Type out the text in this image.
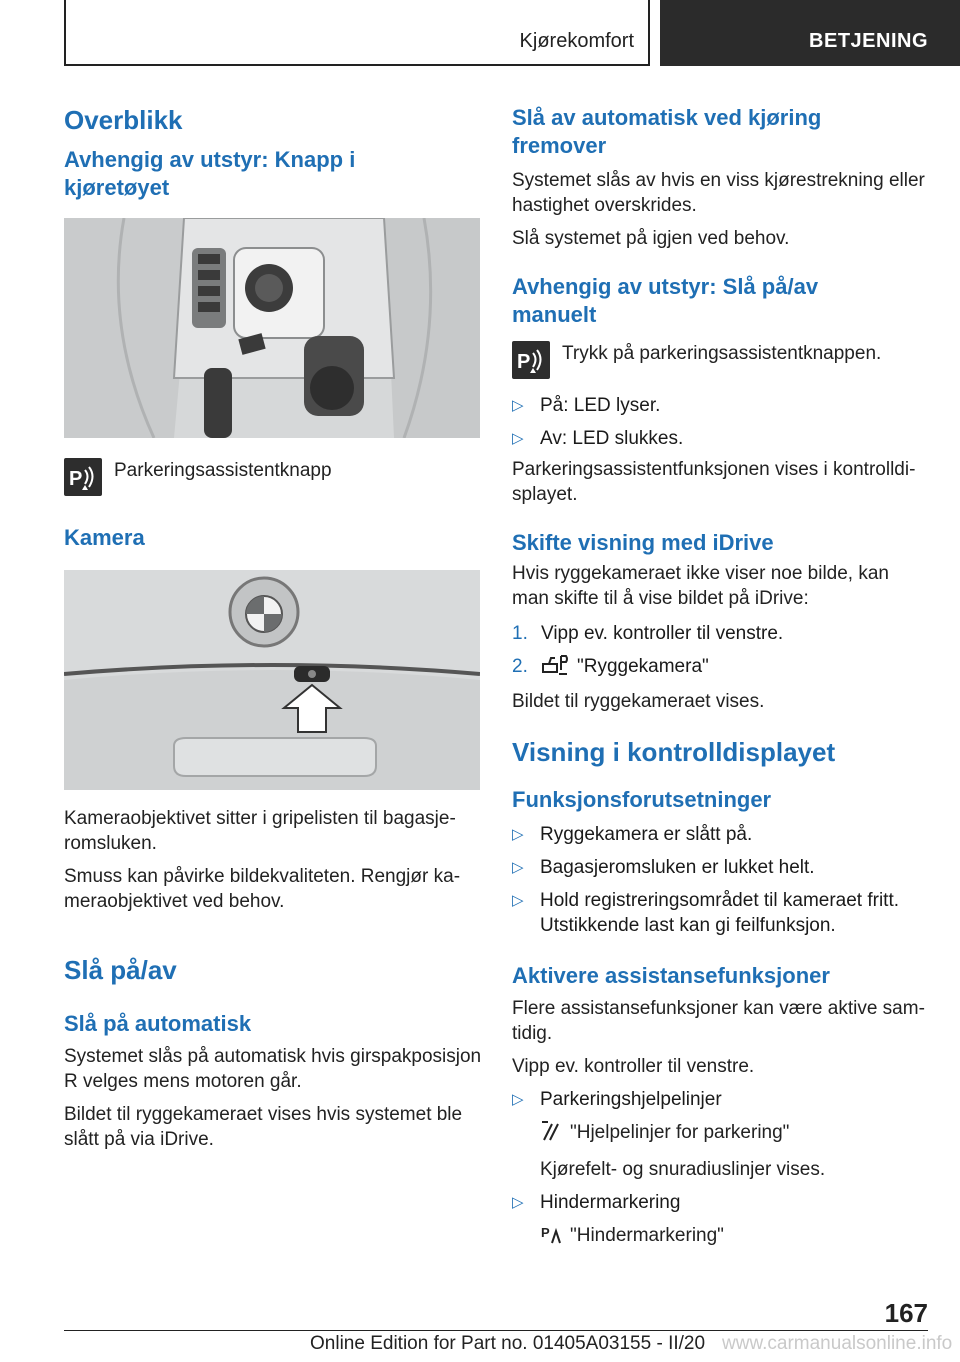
Kjørekomfort	BETJENING
Overblikk
Avhengig av utstyr: Knapp i kjøretøyet
P Parkeringsassistentknapp
Kamera
Kameraobjektivet sitter i gripelisten til bagasjeromsluken.
Smuss kan påvirke bildekvaliteten. Rengjør kameraobjektivet ved behov.
Slå på/av
Slå på automatisk
Systemet slås på automatisk hvis girspakposisjon R velges mens motoren går.
Bildet til ryggekameraet vises hvis systemet ble slått på via iDrive.
Slå av automatisk ved kjøring fremover
Systemet slås av hvis en viss kjørestrekning eller hastighet overskrides.
Slå systemet på igjen ved behov.
Avhengig av utstyr: Slå på/av manuelt
P Trykk på parkeringsassistentknappen.
▷ På: LED lyser.
▷ Av: LED slukkes.
Parkeringsassistentfunksjonen vises i kontrolldisplayet.
Skifte visning med iDrive
Hvis ryggekameraet ikke viser noe bilde, kan man skifte til å vise bildet på iDrive:
1. Vipp ev. kontroller til venstre.
2.	"Ryggekamera"
Bildet til ryggekameraet vises.
Visning i kontrolldisplayet
Funksjonsforutsetninger
▷ Ryggekamera er slått på.
▷ Bagasjeromsluken er lukket helt.
▷ Hold registreringsområdet til kameraet fritt. Utstikkende last kan gi feilfunksjon.
Aktivere assistansefunksjoner
Flere assistansefunksjoner kan være aktive samtidig.
Vipp ev. kontroller til venstre.
▷ Parkeringshjelpelinjer
"Hjelpelinjer for parkering"
Kjørefelt- og snuradiuslinjer vises.
▷ Hindermarkering
P "Hindermarkering"
167
Online Edition for Part no. 01405A03155 - II/20 www.carmanualsonline.info
